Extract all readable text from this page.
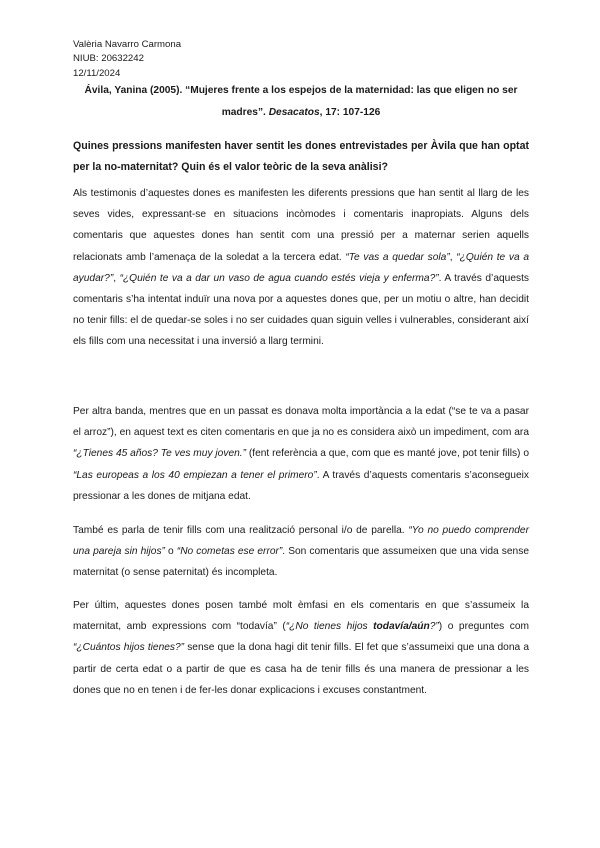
Valèria Navarro Carmona
NIUB: 20632242
12/11/2024
Ávila, Yanina (2005). “Mujeres frente a los espejos de la maternidad: las que eligen no ser madres”. Desacatos, 17: 107-126
Quines pressions manifesten haver sentit les dones entrevistades per Àvila que han optat per la no-maternitat? Quin és el valor teòric de la seva anàlisi?

Als testimonis d’aquestes dones es manifesten les diferents pressions que han sentit al llarg de les seves vides, expressant-se en situacions incòmodes i comentaris inapropiats. Alguns dels comentaris que aquestes dones han sentit com una pressió per a maternar serien aquells relacionats amb l’amenaça de la soledat a la tercera edat. “Te vas a quedar sola”, “¿Quién te va a ayudar?”, “¿Quién te va a dar un vaso de agua cuando estés vieja y enferma?”. A través d’aquests comentaris s’ha intentat induïr una nova por a aquestes dones que, per un motiu o altre, han decidit no tenir fills: el de quedar-se soles i no ser cuidades quan siguin velles i vulnerables, considerant així els fills com una necessitat i una inversió a llarg termini.

Per altra banda, mentres que en un passat es donava molta importància a la edat (“se te va a pasar el arroz”), en aquest text es citen comentaris en que ja no es considera això un impediment, com ara “¿Tienes 45 años? Te ves muy joven.” (fent referència a que, com que es manté jove, pot tenir fills) o “Las europeas a los 40 empiezan a tener el primero”. A través d’aquests comentaris s’aconsegueix pressionar a les dones de mitjana edat.

També es parla de tenir fills com una realització personal i/o de parella. “Yo no puedo comprender una pareja sin hijos” o “No cometas ese error”. Son comentaris que assumeixen que una vida sense maternitat (o sense paternitat) és incompleta.

Per últim, aquestes dones posen també molt èmfasi en els comentaris en que s’assumeix la maternitat, amb expressions com “todavía” (“¿No tienes hijos todavía/aún?”) o preguntes com “¿Cuántos hijos tienes?” sense que la dona hagi dit tenir fills. El fet que s’assumeixi que una dona a partir de certa edat o a partir de que es casa ha de tenir fills és una manera de pressionar a les dones que no en tenen i de fer-les donar explicacions i excuses constantment.
